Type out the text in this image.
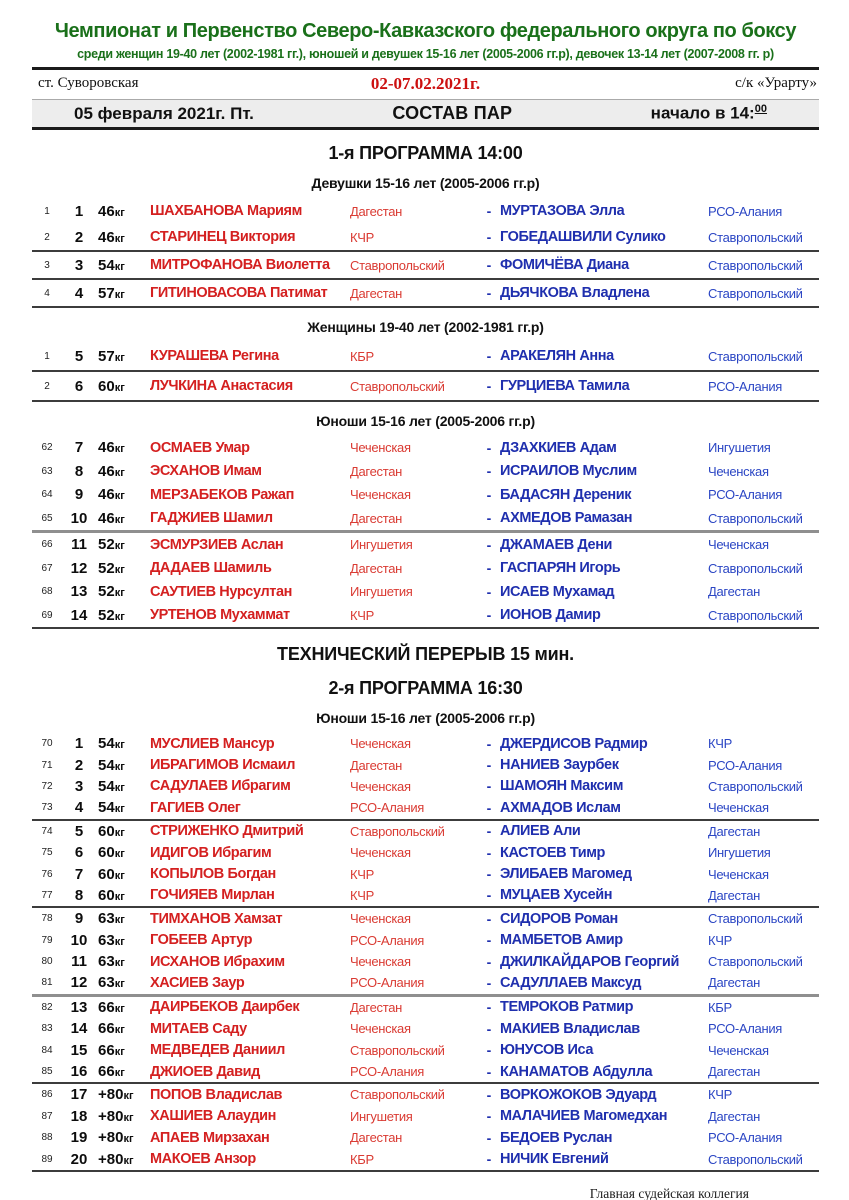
Чемпионат и Первенство Северо-Кавказского федерального округа по боксу
среди женщин 19-40 лет (2002-1981 гг.), юношей и девушек 15-16 лет (2005-2006 гг.р), девочек 13-14 лет (2007-2008 гг. р)
ст. Суворовская	02-07.02.2021г.	с/к «Урарту»
05 февраля 2021г. Пт.	СОСТАВ ПАР	начало в 14:$^{00}$
1-я ПРОГРАММА 14:00
Девушки 15-16 лет (2005-2006 гг.р)
1	1 46кг	ШАХБАНОВА Мариям	Дагестан	- МУРТАЗОВА Элла	РСО-Алания
2	2 46кг	СТАРИНЕЦ Виктория	КЧР	- ГОБЕДАШВИЛИ Сулико	Ставропольский
3	3 54кг	МИТРОФАНОВА Виолетта	Ставропольский	- ФОМИЧЁВА Диана	Ставропольский
4	4 57кг	ГИТИНОВАСОВА Патимат	Дагестан	- ДЬЯЧКОВА Владлена	Ставропольский
Женщины 19-40 лет (2002-1981 гг.р)
1	5 57кг	КУРАШЕВА Регина	КБР	- АРАКЕЛЯН Анна	Ставропольский
2	6 60кг	ЛУЧКИНА Анастасия	Ставропольский	- ГУРЦИЕВА Тамила	РСО-Алания
Юноши 15-16 лет (2005-2006 гг.р)
62	7 46кг	ОСМАЕВ Умар	Чеченская	- ДЗАХКИЕВ Адам	Ингушетия
63	8 46кг	ЭСХАНОВ Имам	Дагестан	- ИСРАИЛОВ Муслим	Чеченская
64	9 46кг	МЕРЗАБЕКОВ Ражап	Чеченская	- БАДАСЯН Дереник	РСО-Алания
65	10 46кг	ГАДЖИЕВ Шамил	Дагестан	- АХМЕДОВ Рамазан	Ставропольский
66	11 52кг	ЭСМУРЗИЕВ Аслан	Ингушетия	- ДЖАМАЕВ Дени	Чеченская
67	12 52кг	ДАДАЕВ Шамиль	Дагестан	- ГАСПАРЯН Игорь	Ставропольский
68	13 52кг	САУТИЕВ Нурсултан	Ингушетия	- ИСАЕВ Мухамад	Дагестан
69	14 52кг	УРТЕНОВ Мухаммат	КЧР	- ИОНОВ Дамир	Ставропольский
ТЕХНИЧЕСКИЙ ПЕРЕРЫВ 15 мин.
2-я ПРОГРАММА 16:30
Юноши 15-16 лет (2005-2006 гг.р)
70	1 54кг	МУСЛИЕВ Мансур	Чеченская	- ДЖЕРДИСОВ Радмир	КЧР
71	2 54кг	ИБРАГИМОВ Исмаил	Дагестан	- НАНИЕВ Заурбек	РСО-Алания
72	3 54кг	САДУЛАЕВ Ибрагим	Чеченская	- ШАМОЯН Максим	Ставропольский
73	4 54кг	ГАГИЕВ Олег	РСО-Алания	- АХМАДОВ Ислам	Чеченская
74	5 60кг	СТРИЖЕНКО Дмитрий	Ставропольский	- АЛИЕВ Али	Дагестан
75	6 60кг	ИДИГОВ Ибрагим	Чеченская	- КАСТОЕВ Тимр	Ингушетия
76	7 60кг	КОПЫЛОВ Богдан	КЧР	- ЭЛИБАЕВ Магомед	Чеченская
77	8 60кг	ГОЧИЯЕВ Мирлан	КЧР	- МУЦАЕВ Хусейн	Дагестан
78	9 63кг	ТИМХАНОВ Хамзат	Чеченская	- СИДОРОВ Роман	Ставропольский
79	10 63кг	ГОБЕЕВ Артур	РСО-Алания	- МАМБЕТОВ Амир	КЧР
80	11 63кг	ИСХАНОВ Ибрахим	Чеченская	- ДЖИЛКАЙДАРОВ Георгий	Ставропольский
81	12 63кг	ХАСИЕВ Заур	РСО-Алания	- САДУЛЛАЕВ Максуд	Дагестан
82	13 66кг	ДАИРБЕКОВ Даирбек	Дагестан	- ТЕМРОКОВ Ратмир	КБР
83	14 66кг	МИТАЕВ Саду	Чеченская	- МАКИЕВ Владислав	РСО-Алания
84	15 66кг	МЕДВЕДЕВ Даниил	Ставропольский	- ЮНУСОВ Иса	Чеченская
85	16 66кг	ДЖИОЕВ Давид	РСО-Алания	- КАНАМАТОВ Абдулла	Дагестан
86	17 +80кг	ПОПОВ Владислав	Ставропольский	- ВОРКОЖОКОВ Эдуард	КЧР
87	18 +80кг	ХАШИЕВ Алаудин	Ингушетия	- МАЛАЧИЕВ Магомедхан	Дагестан
88	19 +80кг	АПАЕВ Мирзахан	Дагестан	- БЕДОЕВ Руслан	РСО-Алания
89	20 +80кг	МАКОЕВ Анзор	КБР	- НИЧИК Евгений	Ставропольский
Главная судейская коллегия
